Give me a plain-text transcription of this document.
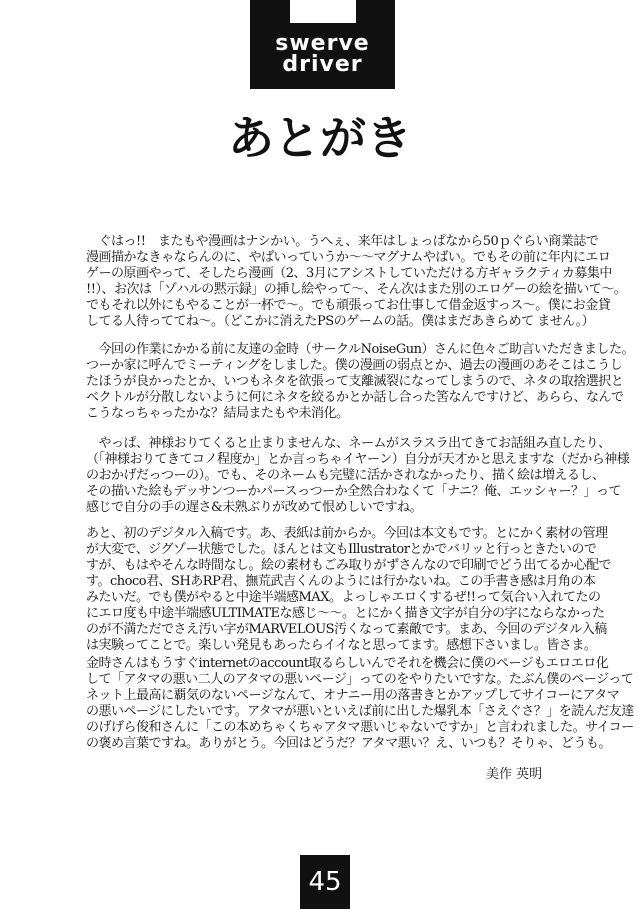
swerve
driver
あとがき
　ぐはっ!!　またもや漫画はナシかい。うへぇ、来年はしょっぱなから50ｐぐらい商業誌で
漫画描かなきゃならんのに、やばいっていうか〜〜マグナムやばい。でもその前に年内にエロ
ゲーの原画やって、そしたら漫画（2、3月にアシストしていただける方ギャラクティカ募集中
!!）、お次は「ゾハルの黙示録」の挿し絵やって〜、そん次はまた別のエロゲーの絵を描いて〜。
でもそれ以外にもやることが一杯で〜。でも頑張ってお仕事して借金返すっス〜。僕にお金貸
してる人待っててね〜。（どこかに消えたPSのゲームの話。僕はまだあきらめて ません。）
　今回の作業にかかる前に友達の金時（サークルNoiseGun）さんに色々ご助言いただきました。
つーか家に呼んでミーティングをしました。僕の漫画の弱点とか、過去の漫画のあそこはこうし
たほうが良かったとか、いつもネタを欲張って支離滅裂になってしまうので、ネタの取捨選択と
ベクトルが分散しないように何にネタを絞るかとか話し合った筈なんですけど、あらら、なんで
こうなっちゃったかな？結局またもや未消化。
　やっぱ、神様おりてくると止まりませんな、ネームがスラスラ出てきてお話組み直したり、
（「神様おりてきてコノ程度か」とか言っちゃイヤーン）自分が天才かと思えますな（だから神様
のおかげだっつーの）。でも、そのネームも完璧に活かされなかったり、描く絵は増えるし、
その描いた絵もデッサンつーかパースっつーか全然合わなくて「ナニ？俺、エッシャー？」って
感じで自分の手の遅さ&未熟ぶりが改めて恨めしいですね。
あと、初のデジタル入稿です。あ、表紙は前からか。今回は本文もです。とにかく素材の管理
が大変で、ジグゾー状態でした。ほんとは文もIllustratorとかでバリッと行っときたいので
すが、もはやそんな時間なし。絵の素材もごみ取りがずさんなので印刷でどう出てるか心配で
す。choco君、SHあRP君、撫荒武吉くんのようには行かないね。この手書き感は月角の本
みたいだ。でも僕がやると中途半端感MAX。よっしゃエロくするぜ!!って気合い入れてたの
にエロ度も中途半端感ULTIMATEな感じ〜〜。とにかく描き文字が自分の字にならなかった
のが不満ただでさえ汚い字がMARVELOUS汚くなって素敵です。まあ、今回のデジタル入稿
は実験ってことで。楽しい発見もあったらイイなと思ってます。感想下さいまし。皆さま。
金時さんはもうすぐinternetのaccount取るらしいんでそれを機会に僕のページもエロエロ化
して「アタマの悪い二人のアタマの悪いページ」ってのをやりたいですな。たぶん僕のページって
ネット上最高に覇気のないページなんて、オナニー用の落書きとかアップしてサイコーにアタマ
の悪いページにしたいです。アタマが悪いといえば前に出した爆乳本「さえぐさ？」を読んだ友達
のげげら俊和さんに「この本めちゃくちゃアタマ悪いじゃないですか」と言われました。サイコー
の褒め言葉ですね。ありがとう。今回はどうだ？アタマ悪い？え、いつも？そりゃ、どうも。
美作 英明
45
